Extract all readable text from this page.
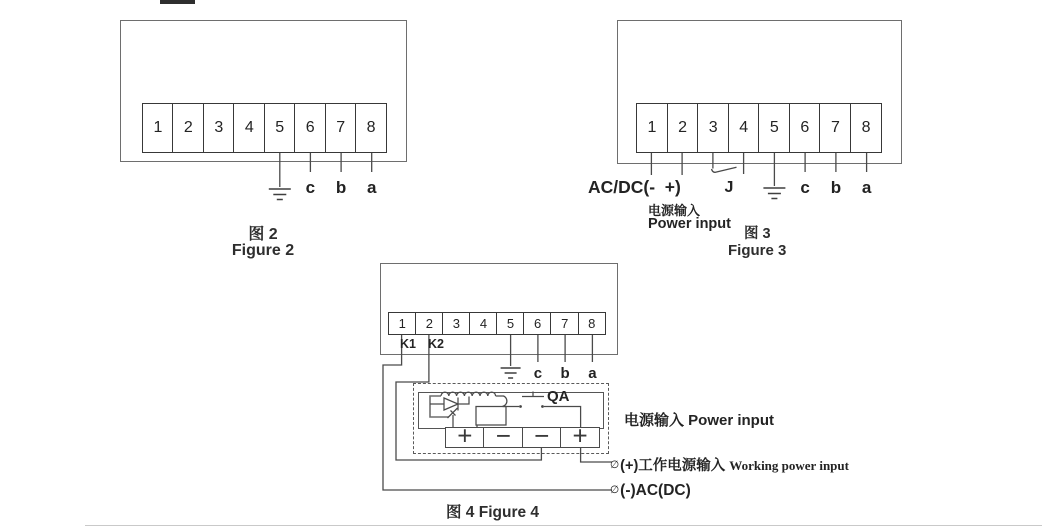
1	2	3	4	5	6	7	8
c b a
图 2
Figure 2
1	2	3	4	5	6	7	8
AC/DC(-  +)	J	c b a
电源输入
Power input
图 3
Figure 3
1	2	3	4	5	6	7	8
K1 K2
c b a
QA
+ − − + 电源输入 Power input
∅(+)工作电源输入 Working power input
∅(-)AC(DC)
图 4 Figure 4
